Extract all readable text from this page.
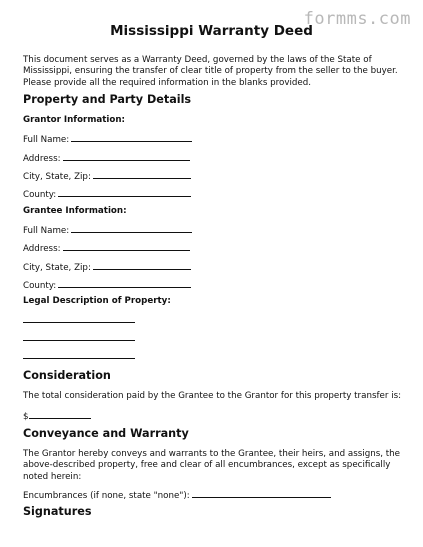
formms.com
Mississippi Warranty Deed
This document serves as a Warranty Deed, governed by the laws of the State of Mississippi, ensuring the transfer of clear title of property from the seller to the buyer. Please provide all the required information in the blanks provided.
Property and Party Details
Grantor Information:
Full Name:
Address:
City, State, Zip:
County:
Grantee Information:
Full Name:
Address:
City, State, Zip:
County:
Legal Description of Property:
Consideration
The total consideration paid by the Grantee to the Grantor for this property transfer is:
$
Conveyance and Warranty
The Grantor hereby conveys and warrants to the Grantee, their heirs, and assigns, the above-described property, free and clear of all encumbrances, except as specifically noted herein:
Encumbrances (if none, state "none"):
Signatures
